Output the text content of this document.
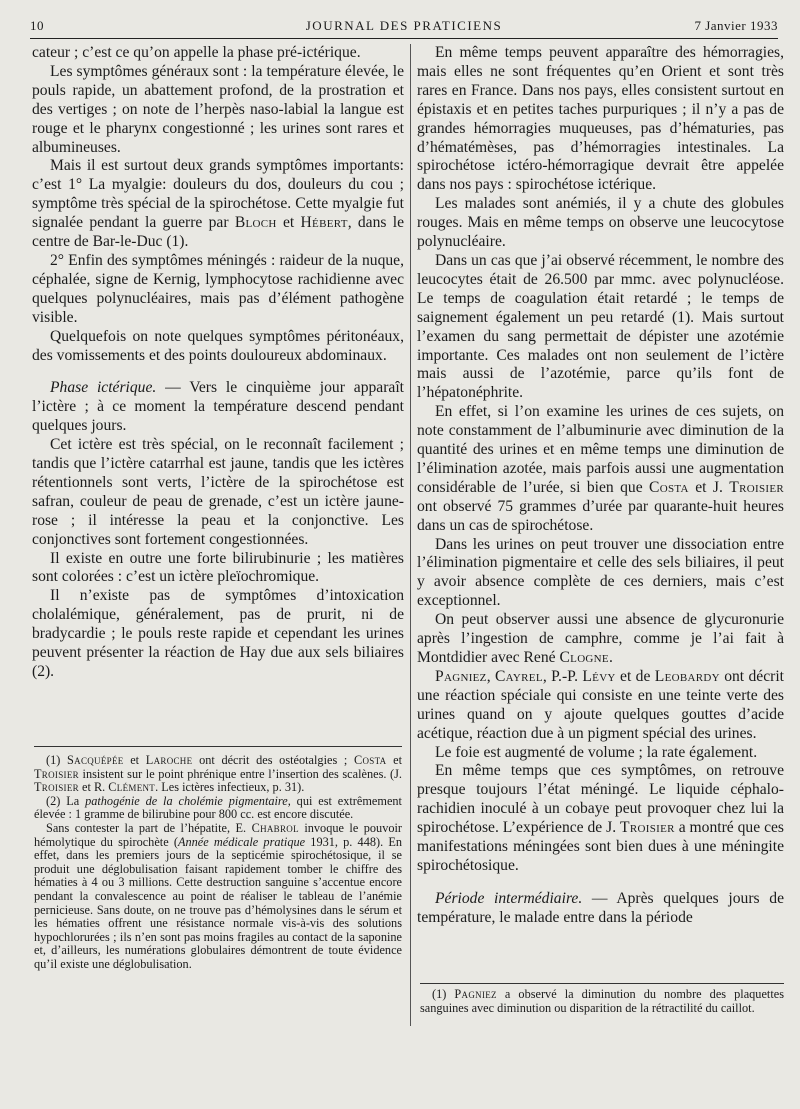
10	JOURNAL DES PRATICIENS	7 Janvier 1933

cateur ; c’est ce qu’on appelle la phase pré-ictérique.

Les symptômes généraux sont : la température élevée, le pouls rapide, un abattement profond, de la prostration et des vertiges ; on note de l’herpès naso-labial la langue est rouge et le pharynx congestionné ; les urines sont rares et albumineuses.

Mais il est surtout deux grands symptômes importants: c’est 1° La myalgie: douleurs du dos, douleurs du cou ; symptôme très spécial de la spirochétose. Cette myalgie fut signalée pendant la guerre par Bloch et Hébert, dans le centre de Bar-le-Duc (1).

2° Enfin des symptômes méningés : raideur de la nuque, céphalée, signe de Kernig, lymphocytose rachidienne avec quelques polynucléaires, mais pas d’élément pathogène visible.

Quelquefois on note quelques symptômes péritonéaux, des vomissements et des points douloureux abdominaux.

Phase ictérique. — Vers le cinquième jour apparaît l’ictère ; à ce moment la température descend pendant quelques jours.

Cet ictère est très spécial, on le reconnaît facilement ; tandis que l’ictère catarrhal est jaune, tandis que les ictères rétentionnels sont verts, l’ictère de la spirochétose est safran, couleur de peau de grenade, c’est un ictère jaune-rose ; il intéresse la peau et la conjonctive. Les conjonctives sont fortement congestionnées.

Il existe en outre une forte bilirubinurie ; les matières sont colorées : c’est un ictère pleïochromique.

Il n’existe pas de symptômes d’intoxication cholalémique, généralement, pas de prurit, ni de bradycardie ; le pouls reste rapide et cependant les urines peuvent présenter la réaction de Hay due aux sels biliaires (2).

(1) Sacquépée et Laroche ont décrit des ostéotalgies ; Costa et Troisier insistent sur le point phrénique entre l’insertion des scalènes. (J. Troisier et R. Clément. Les ictères infectieux, p. 31).

(2) La pathogénie de la cholémie pigmentaire, qui est extrêmement élevée : 1 gramme de bilirubine pour 800 cc. est encore discutée.

Sans contester la part de l’hépatite, E. Chabrol invoque le pouvoir hémolytique du spirochète (Année médicale pratique 1931, p. 448). En effet, dans les premiers jours de la septicémie spirochétosique, il se produit une déglobulisation faisant rapidement tomber le chiffre des hématies à 4 ou 3 millions. Cette destruction sanguine s’accentue encore pendant la convalescence au point de réaliser le tableau de l’anémie pernicieuse. Sans doute, on ne trouve pas d’hémolysines dans le sérum et les hématies offrent une résistance normale vis-à-vis des solutions hypochlorurées ; ils n’en sont pas moins fragiles au contact de la saponine et, d’ailleurs, les numérations globulaires démontrent de toute évidence qu’il existe une déglobulisation.

En même temps peuvent apparaître des hémorragies, mais elles ne sont fréquentes qu’en Orient et sont très rares en France. Dans nos pays, elles consistent surtout en épistaxis et en petites taches purpuriques ; il n’y a pas de grandes hémorragies muqueuses, pas d’hématuries, pas d’hématémèses, pas d’hémorragies intestinales. La spirochétose ictéro-hémorragique devrait être appelée dans nos pays : spirochétose ictérique.

Les malades sont anémiés, il y a chute des globules rouges. Mais en même temps on observe une leucocytose polynucléaire.

Dans un cas que j’ai observé récemment, le nombre des leucocytes était de 26.500 par mmc. avec polynucléose. Le temps de coagulation était retardé ; le temps de saignement également un peu retardé (1). Mais surtout l’examen du sang permettait de dépister une azotémie importante. Ces malades ont non seulement de l’ictère mais aussi de l’azotémie, parce qu’ils font de l’hépatonéphrite.

En effet, si l’on examine les urines de ces sujets, on note constamment de l’albuminurie avec diminution de la quantité des urines et en même temps une diminution de l’élimination azotée, mais parfois aussi une augmentation considérable de l’urée, si bien que Costa et J. Troisier ont observé 75 grammes d’urée par quarante-huit heures dans un cas de spirochétose.

Dans les urines on peut trouver une dissociation entre l’élimination pigmentaire et celle des sels biliaires, il peut y avoir absence complète de ces derniers, mais c’est exceptionnel.

On peut observer aussi une absence de glycuronurie après l’ingestion de camphre, comme je l’ai fait à Montdidier avec René Clogne.

Pagniez, Cayrel, P.-P. Lévy et de Leobardy ont décrit une réaction spéciale qui consiste en une teinte verte des urines quand on y ajoute quelques gouttes d’acide acétique, réaction due à un pigment spécial des urines.

Le foie est augmenté de volume ; la rate également.

En même temps que ces symptômes, on retrouve presque toujours l’état méningé. Le liquide céphalo-rachidien inoculé à un cobaye peut provoquer chez lui la spirochétose. L’expérience de J. Troisier a montré que ces manifestations méningées sont bien dues à une méningite spirochétosique.

Période intermédiaire. — Après quelques jours de température, le malade entre dans la période

(1) Pagniez a observé la diminution du nombre des plaquettes sanguines avec diminution ou disparition de la rétractilité du caillot.
